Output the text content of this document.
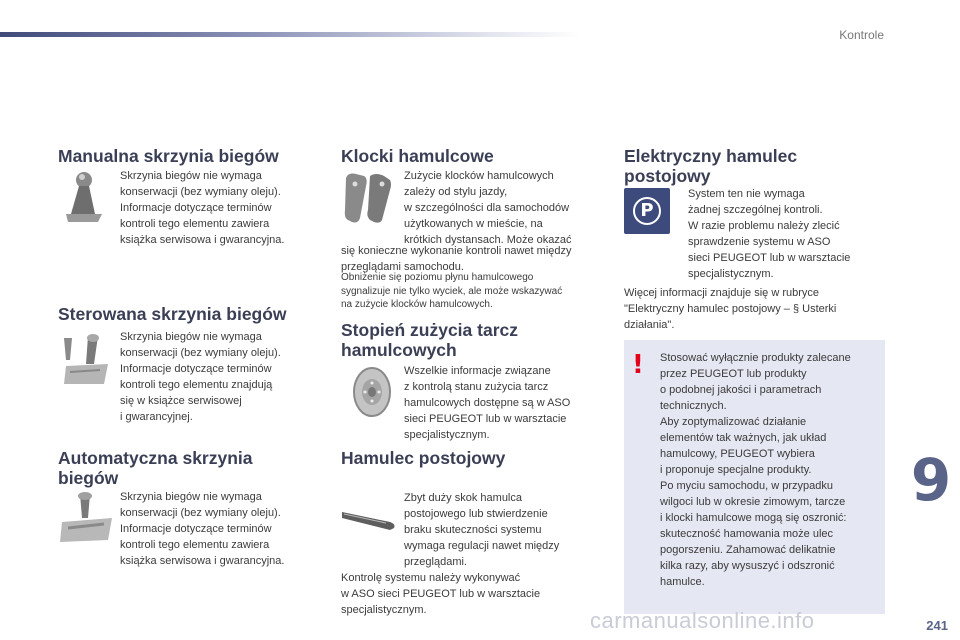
Kontrole
Manualna skrzynia biegów
Skrzynia biegów nie wymaga
konserwacji (bez wymiany oleju).
Informacje dotyczące terminów
kontroli tego elementu zawiera
książka serwisowa i gwarancyjna.
Sterowana skrzynia biegów
Skrzynia biegów nie wymaga
konserwacji (bez wymiany oleju).
Informacje dotyczące terminów
kontroli tego elementu znajdują
się w książce serwisowej
i gwarancyjnej.
Automatyczna skrzynia
biegów
Skrzynia biegów nie wymaga
konserwacji (bez wymiany oleju).
Informacje dotyczące terminów
kontroli tego elementu zawiera
książka serwisowa i gwarancyjna.
Klocki hamulcowe
Zużycie klocków hamulcowych
zależy od stylu jazdy,
w szczególności dla samochodów
użytkowanych w mieście, na
krótkich dystansach. Może okazać
się konieczne wykonanie kontroli nawet między
przeglądami samochodu.
Obniżenie się poziomu płynu hamulcowego
sygnalizuje nie tylko wyciek, ale może wskazywać
na zużycie klocków hamulcowych.
Stopień zużycia tarcz
hamulcowych
Wszelkie informacje związane
z kontrolą stanu zużycia tarcz
hamulcowych dostępne są w ASO
sieci PEUGEOT lub w warsztacie
specjalistycznym.
Hamulec postojowy
Zbyt duży skok hamulca
postojowego lub stwierdzenie
braku skuteczności systemu
wymaga regulacji nawet między
przeglądami.
Kontrolę systemu należy wykonywać
w ASO sieci PEUGEOT lub w warsztacie
specjalistycznym.
Elektryczny hamulec
postojowy
P
System ten nie wymaga
żadnej szczególnej kontroli.
W razie problemu należy zlecić
sprawdzenie systemu w ASO
sieci PEUGEOT lub w warsztacie
specjalistycznym.
Więcej informacji znajduje się w rubryce
"Elektryczny hamulec postojowy – § Usterki
działania".
! Stosować wyłącznie produkty zalecane
przez PEUGEOT lub produkty
o podobnej jakości i parametrach
technicznych.
Aby zoptymalizować działanie
elementów tak ważnych, jak układ
hamulcowy, PEUGEOT wybiera
i proponuje specjalne produkty.
Po myciu samochodu, w przypadku
wilgoci lub w okresie zimowym, tarcze
i klocki hamulcowe mogą się oszronić:
skuteczność hamowania może ulec
pogorszeniu. Zahamować delikatnie
kilka razy, aby wysuszyć i odszronić
hamulce.
9
carmanualsonline.info	241
